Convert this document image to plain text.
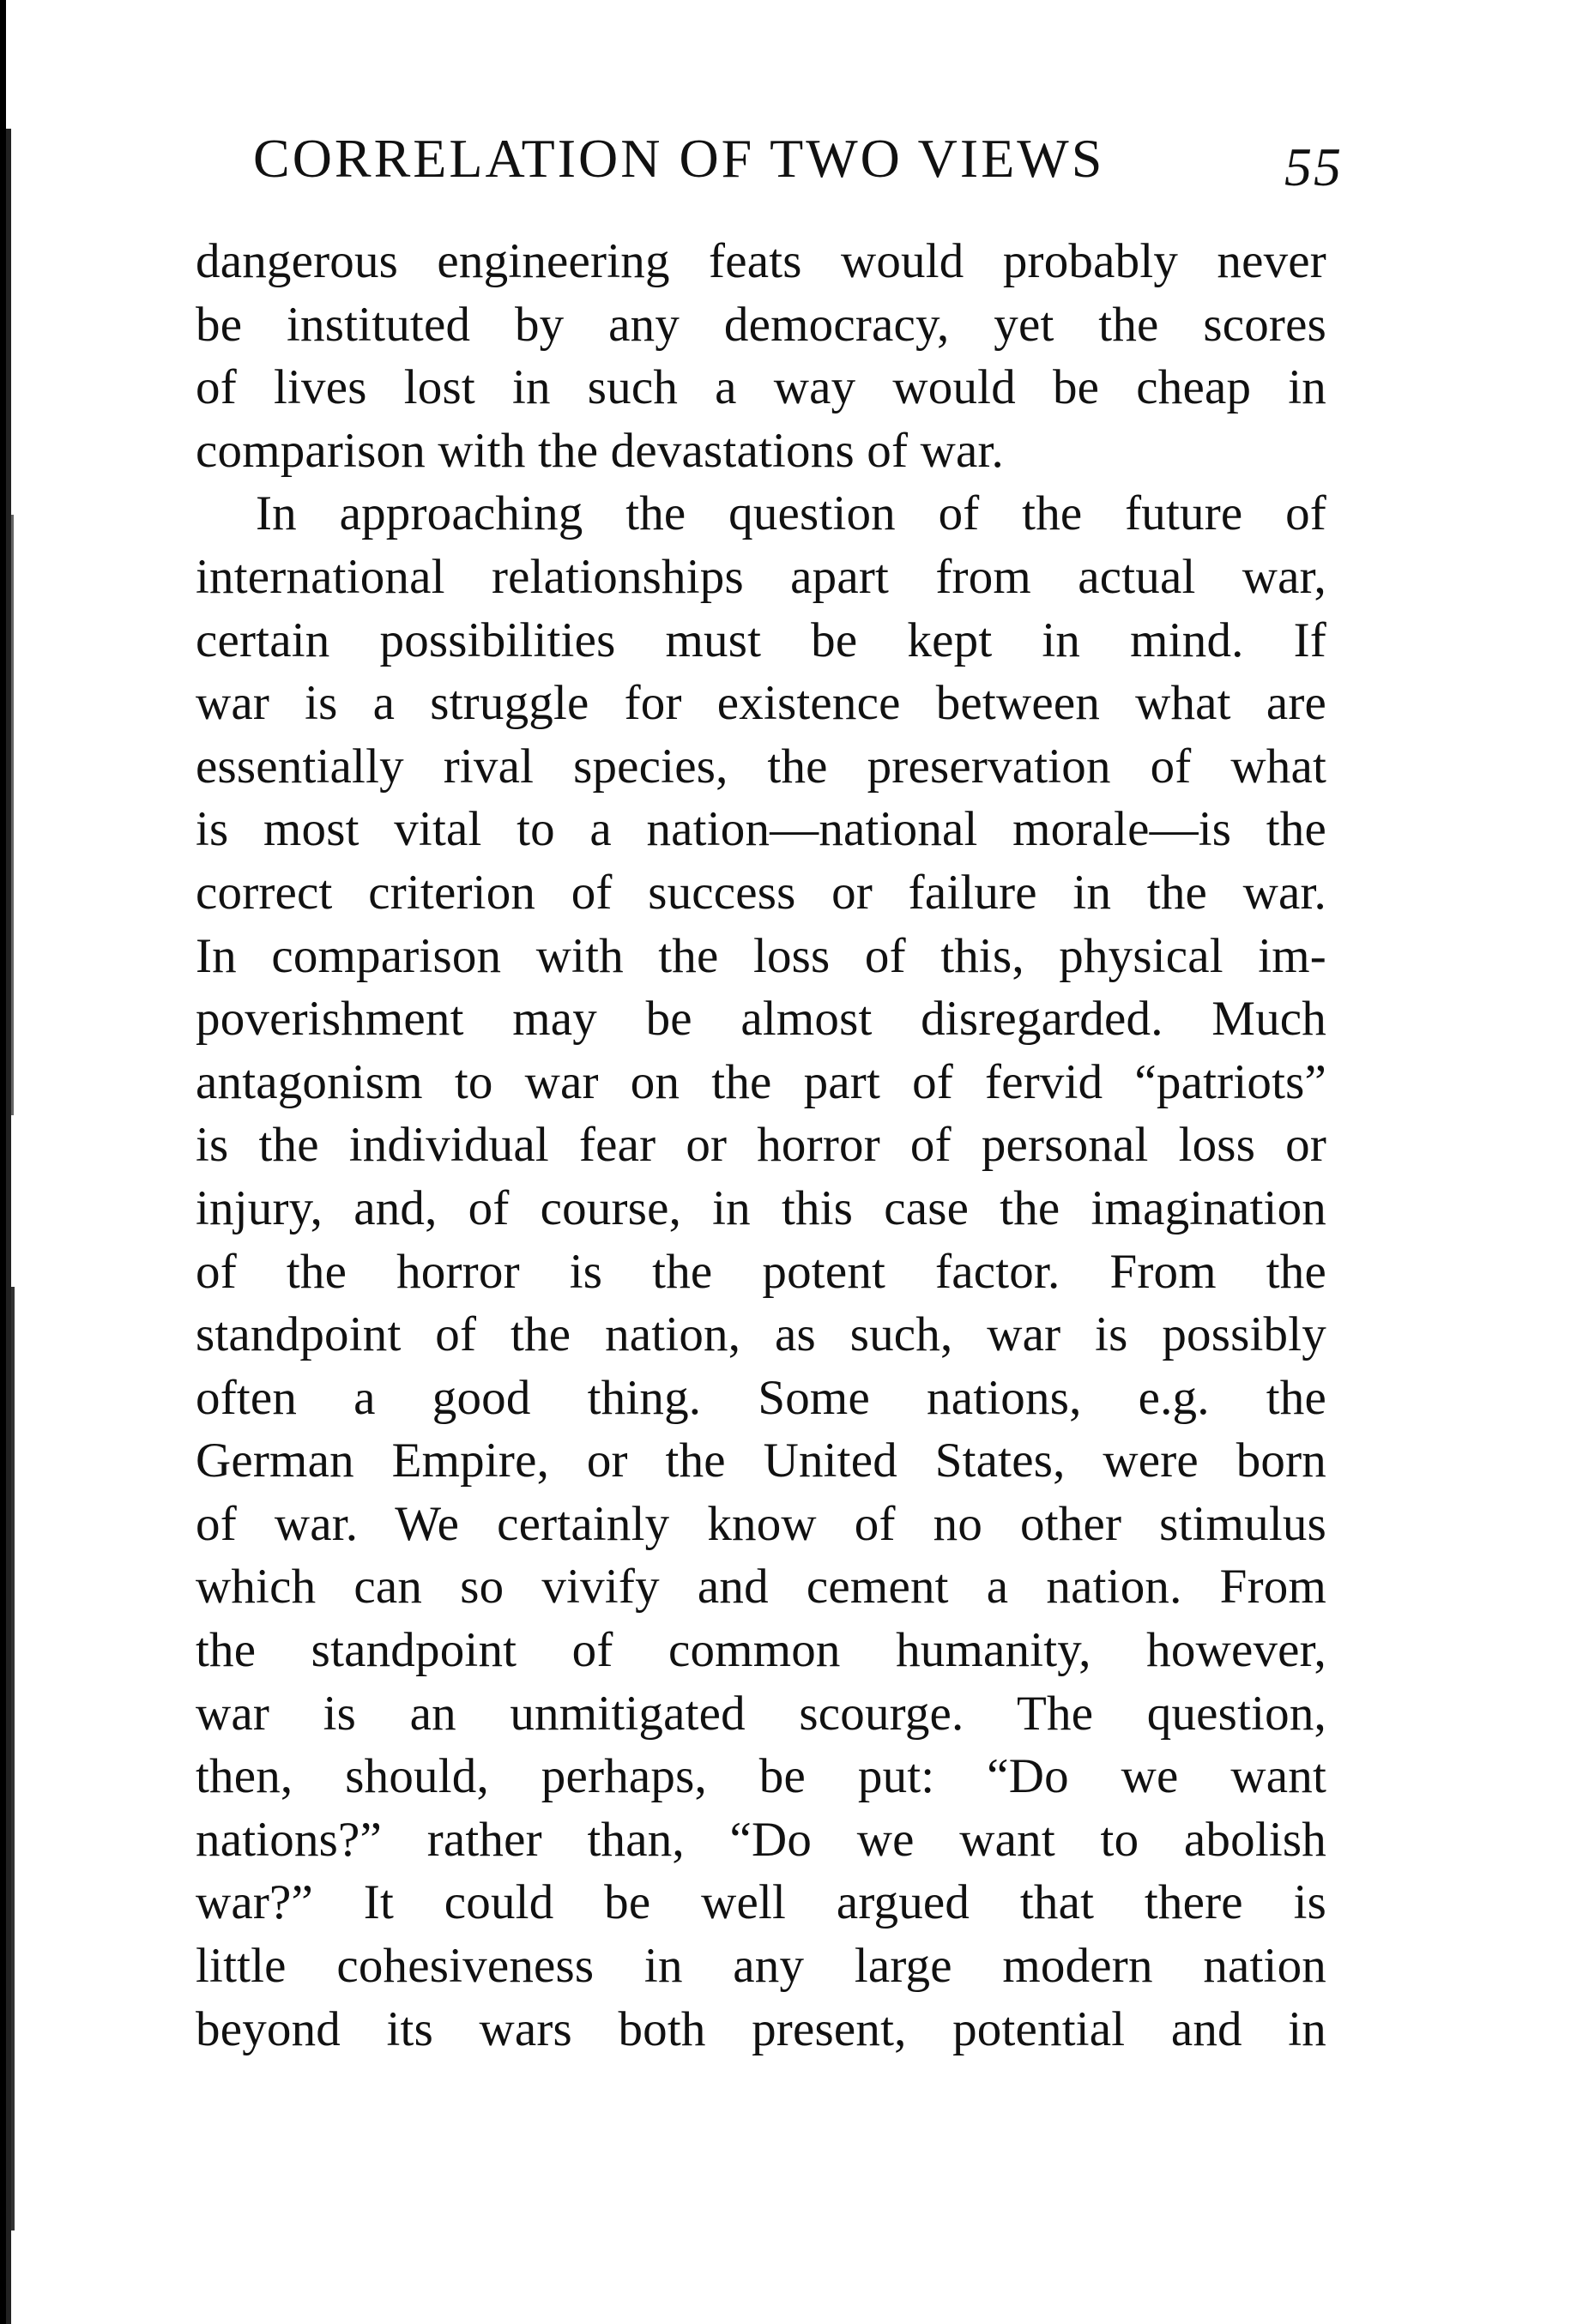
CORRELATION OF TWO VIEWS	55
dangerous engineering feats would probably never
be instituted by any democracy, yet the scores
of lives lost in such a way would be cheap in
comparison with the devastations of war.
In approaching the question of the future of
international relationships apart from actual war,
certain possibilities must be kept in mind. If
war is a struggle for existence between what are
essentially rival species, the preservation of what
is most vital to a nation—national morale—is the
correct criterion of success or failure in the war.
In comparison with the loss of this, physical im-
poverishment may be almost disregarded. Much
antagonism to war on the part of fervid “patriots”
is the individual fear or horror of personal loss or
injury, and, of course, in this case the imagination
of the horror is the potent factor. From the
standpoint of the nation, as such, war is possibly
often a good thing. Some nations, e.g. the
German Empire, or the United States, were born
of war. We certainly know of no other stimulus
which can so vivify and cement a nation. From
the standpoint of common humanity, however,
war is an unmitigated scourge. The question,
then, should, perhaps, be put: “Do we want
nations?” rather than, “Do we want to abolish
war?” It could be well argued that there is
little cohesiveness in any large modern nation
beyond its wars both present, potential and in
